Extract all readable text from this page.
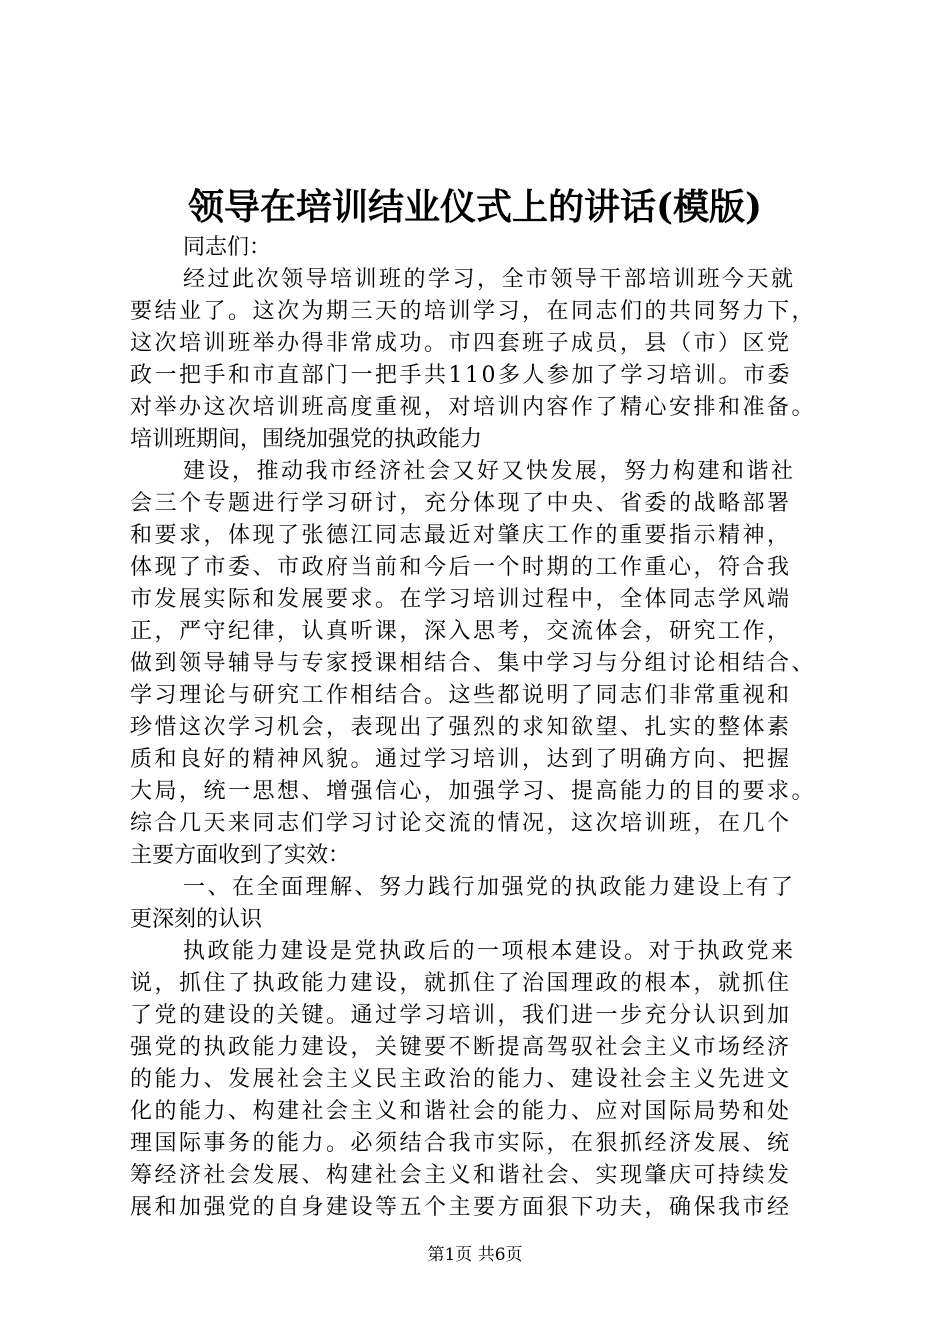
领导在培训结业仪式上的讲话(模版)
同志们：
经过此次领导培训班的学习，全市领导干部培训班今天就
要结业了。这次为期三天的培训学习，在同志们的共同努力下，
这次培训班举办得非常成功。市四套班子成员，县（市）区党
政一把手和市直部门一把手共110多人参加了学习培训。市委
对举办这次培训班高度重视，对培训内容作了精心安排和准备。
培训班期间，围绕加强党的执政能力
建设，推动我市经济社会又好又快发展，努力构建和谐社
会三个专题进行学习研讨，充分体现了中央、省委的战略部署
和要求，体现了张德江同志最近对肇庆工作的重要指示精神，
体现了市委、市政府当前和今后一个时期的工作重心，符合我
市发展实际和发展要求。在学习培训过程中，全体同志学风端
正，严守纪律，认真听课，深入思考，交流体会，研究工作，
做到领导辅导与专家授课相结合、集中学习与分组讨论相结合、
学习理论与研究工作相结合。这些都说明了同志们非常重视和
珍惜这次学习机会，表现出了强烈的求知欲望、扎实的整体素
质和良好的精神风貌。通过学习培训，达到了明确方向、把握
大局，统一思想、增强信心，加强学习、提高能力的目的要求。
综合几天来同志们学习讨论交流的情况，这次培训班，在几个
主要方面收到了实效：
一、在全面理解、努力践行加强党的执政能力建设上有了
更深刻的认识
执政能力建设是党执政后的一项根本建设。对于执政党来
说，抓住了执政能力建设，就抓住了治国理政的根本，就抓住
了党的建设的关键。通过学习培训，我们进一步充分认识到加
强党的执政能力建设，关键要不断提高驾驭社会主义市场经济
的能力、发展社会主义民主政治的能力、建设社会主义先进文
化的能力、构建社会主义和谐社会的能力、应对国际局势和处
理国际事务的能力。必须结合我市实际，在狠抓经济发展、统
筹经济社会发展、构建社会主义和谐社会、实现肇庆可持续发
展和加强党的自身建设等五个主要方面狠下功夫，确保我市经
第1页 共6页
